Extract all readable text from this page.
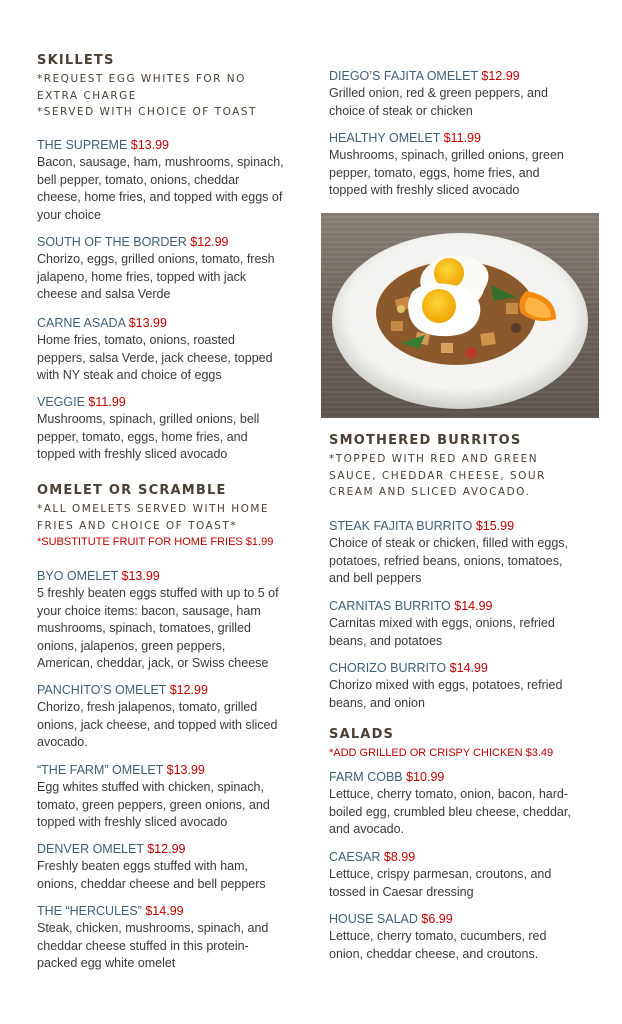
SKILLETS
*REQUEST EGG WHITES FOR NO
EXTRA CHARGE
*SERVED WITH CHOICE OF TOAST
THE SUPREME $13.99
Bacon, sausage, ham, mushrooms, spinach,
bell pepper, tomato, onions, cheddar
cheese, home fries, and topped with eggs of
your choice
SOUTH OF THE BORDER $12.99
Chorizo, eggs, grilled onions, tomato, fresh
jalapeno, home fries, topped with jack
cheese and salsa Verde
CARNE ASADA $13.99
Home fries, tomato, onions, roasted
peppers, salsa Verde, jack cheese, topped
with NY steak and choice of eggs
VEGGIE $11.99
Mushrooms, spinach, grilled onions, bell
pepper, tomato, eggs, home fries, and
topped with freshly sliced avocado
OMELET OR SCRAMBLE
*ALL OMELETS SERVED WITH HOME
FRIES AND CHOICE OF TOAST*
*SUBSTITUTE FRUIT FOR HOME FRIES $1.99
BYO OMELET $13.99
5 freshly beaten eggs stuffed with up to 5 of
your choice items: bacon, sausage, ham
mushrooms, spinach, tomatoes, grilled
onions, jalapenos, green peppers,
American, cheddar, jack, or Swiss cheese
PANCHITO’S OMELET $12.99
Chorizo, fresh jalapenos, tomato, grilled
onions, jack cheese, and topped with sliced
avocado.
“THE FARM” OMELET $13.99
Egg whites stuffed with chicken, spinach,
tomato, green peppers, green onions, and
topped with freshly sliced avocado
DENVER OMELET $12.99
Freshly beaten eggs stuffed with ham,
onions, cheddar cheese and bell peppers
THE “HERCULES” $14.99
Steak, chicken, mushrooms, spinach, and
cheddar cheese stuffed in this protein-
packed egg white omelet
DIEGO’S FAJITA OMELET $12.99
Grilled onion, red & green peppers, and
choice of steak or chicken
HEALTHY OMELET $11.99
Mushrooms, spinach, grilled onions, green
pepper, tomato, eggs, home fries, and
topped with freshly sliced avocado
SMOTHERED BURRITOS
*TOPPED WITH RED AND GREEN
SAUCE, CHEDDAR CHEESE, SOUR
CREAM AND SLICED AVOCADO.
STEAK FAJITA BURRITO $15.99
Choice of steak or chicken, filled with eggs,
potatoes, refried beans, onions, tomatoes,
and bell peppers
CARNITAS BURRITO $14.99
Carnitas mixed with eggs, onions, refried
beans, and potatoes
CHORIZO BURRITO $14.99
Chorizo mixed with eggs, potatoes, refried
beans, and onion
SALADS
*ADD GRILLED OR CRISPY CHICKEN $3.49
FARM COBB $10.99
Lettuce, cherry tomato, onion, bacon, hard-
boiled egg, crumbled bleu cheese, cheddar,
and avocado.
CAESAR $8.99
Lettuce, crispy parmesan, croutons, and
tossed in Caesar dressing
HOUSE SALAD $6.99
Lettuce, cherry tomato, cucumbers, red
onion, cheddar cheese, and croutons.
